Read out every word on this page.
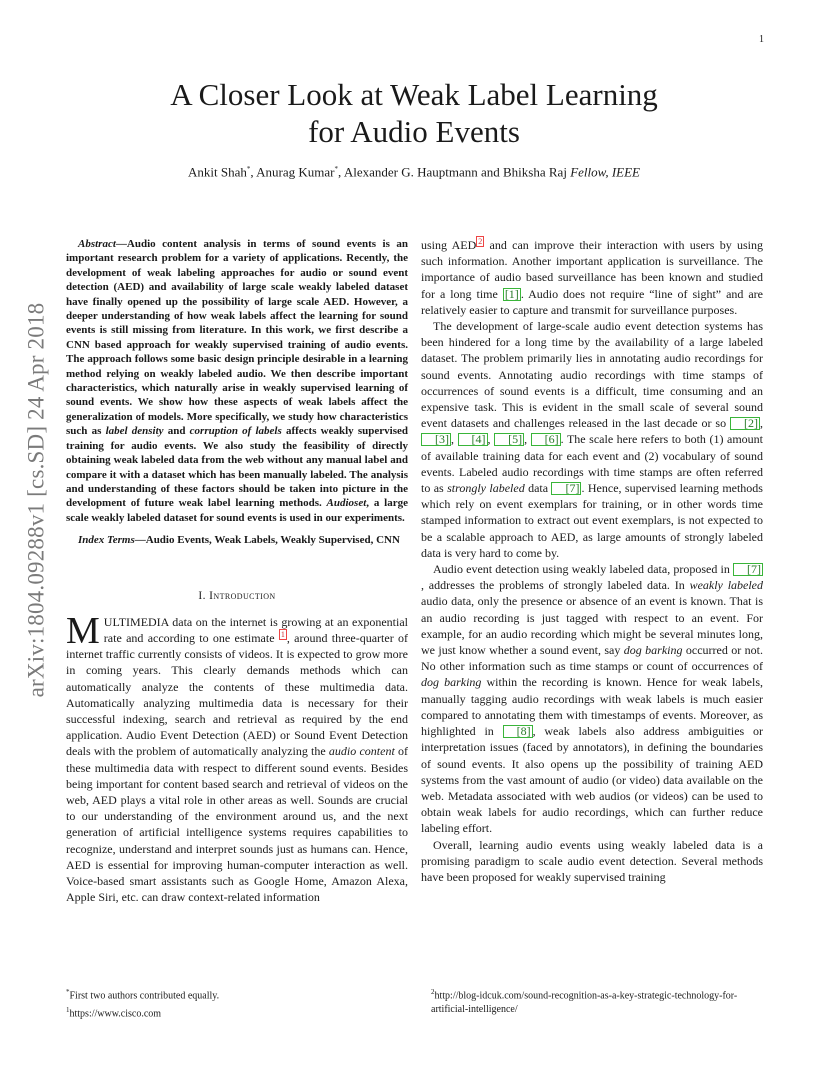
1
arXiv:1804.09288v1 [cs.SD] 24 Apr 2018
A Closer Look at Weak Label Learning
for Audio Events
Ankit Shah*, Anurag Kumar*, Alexander G. Hauptmann and Bhiksha Raj Fellow, IEEE

Abstract—Audio content analysis in terms of sound events is an important research problem for a variety of applications. Recently, the development of weak labeling approaches for audio or sound event detection (AED) and availability of large scale weakly labeled dataset have finally opened up the possibility of large scale AED. However, a deeper understanding of how weak labels affect the learning for sound events is still missing from literature. In this work, we first describe a CNN based approach for weakly supervised training of audio events. The approach follows some basic design principle desirable in a learning method relying on weakly labeled audio. We then describe important characteristics, which naturally arise in weakly supervised learning of sound events. We show how these aspects of weak labels affect the generalization of models. More specifically, we study how characteristics such as label density and corruption of labels affects weakly supervised training for audio events. We also study the feasibility of directly obtaining weak labeled data from the web without any manual label and compare it with a dataset which has been manually labeled. The analysis and understanding of these factors should be taken into picture in the development of future weak label learning methods. Audioset, a large scale weakly labeled dataset for sound events is used in our experiments.

Index Terms—Audio Events, Weak Labels, Weakly Supervised, CNN

I. Introduction

MULTIMEDIA data on the internet is growing at an exponential rate and according to one estimate $^1$ , around three-quarter of internet traffic currently consists of videos. It is expected to grow more in coming years. This clearly demands methods which can automatically analyze the contents of these multimedia data. Automatically analyzing multimedia data is necessary for their successful indexing, search and retrieval as required by the end application. Audio Event Detection (AED) or Sound Event Detection deals with the problem of automatically analyzing the audio content of these multimedia data with respect to different sound events. Besides being important for content based search and retrieval of videos on the web, AED plays a vital role in other areas as well. Sounds are crucial to our understanding of the environment around us, and the next generation of artificial intelligence systems requires capabilities to recognize, understand and interpret sounds just as humans can. Hence, AED is essential for improving human-computer interaction as well. Voice-based smart assistants such as Google Home, Amazon Alexa, Apple Siri, etc. can draw context-related information

using AED $^2$ and can improve their interaction with users by using such information. Another important application is surveillance. The importance of audio based surveillance has been known and studied for a long time [1] . Audio does not require “line of sight” and are relatively easier to capture and transmit for surveillance purposes.

The development of large-scale audio event detection systems has been hindered for a long time by the availability of a large labeled dataset. The problem primarily lies in annotating audio recordings for sound events. Annotating audio recordings with time stamps of occurrences of sound events is a difficult, time consuming and an expensive task. This is evident in the small scale of several sound event datasets and challenges released in the last decade or so [2] , [3] , [4] , [5] , [6] . The scale here refers to both (1) amount of available training data for each event and (2) vocabulary of sound events. Labeled audio recordings with time stamps are often referred to as strongly labeled data [7] . Hence, supervised learning methods which rely on event exemplars for training, or in other words time stamped information to extract out event exemplars, is not expected to be a scalable approach to AED, as large amounts of strongly labeled data is very hard to come by.

Audio event detection using weakly labeled data, proposed in [7], addresses the problems of strongly labeled data. In weakly labeled audio data, only the presence or absence of an event is known. That is an audio recording is just tagged with respect to an event. For example, for an audio recording which might be several minutes long, we just know whether a sound event, say dog barking occurred or not. No other information such as time stamps or count of occurrences of dog barking within the recording is known. Hence for weak labels, manually tagging audio recordings with weak labels is much easier compared to annotating them with timestamps of events. Moreover, as highlighted in [8] , weak labels also address ambiguities or interpretation issues (faced by annotators), in defining the boundaries of sound events. It also opens up the possibility of training AED systems from the vast amount of audio (or video) data available on the web. Metadata associated with web audios (or videos) can be used to obtain weak labels for audio recordings, which can further reduce labeling effort.

Overall, learning audio events using weakly labeled data is a promising paradigm to scale audio event detection. Several methods have been proposed for weakly supervised training

*First two authors contributed equally.
$^1$https://www.cisco.com
$^2$http://blog-idcuk.com/sound-recognition-as-a-key-strategic-technology-for-artificial-intelligence/
